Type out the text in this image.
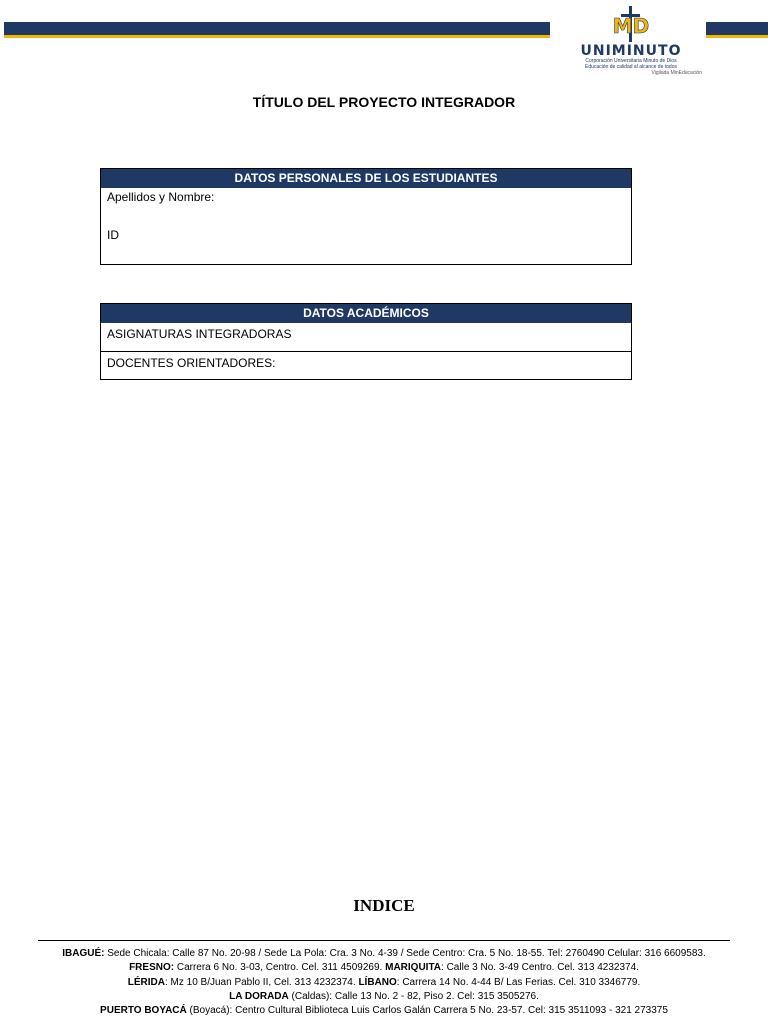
MD
UNIMINUTO
Corporación Universitaria Minuto de Dios
Educación de calidad al alcance de todos
Vigilada MinEducación
TÍTULO DEL PROYECTO INTEGRADOR
DATOS PERSONALES DE LOS ESTUDIANTES
Apellidos y Nombre:
ID
DATOS ACADÉMICOS
ASIGNATURAS INTEGRADORAS
DOCENTES ORIENTADORES:
INDICE
IBAGUÉ: Sede Chicala: Calle 87 No. 20-98 / Sede La Pola: Cra. 3 No. 4-39 / Sede Centro: Cra. 5 No. 18-55. Tel: 2760490 Celular: 316 6609583.
FRESNO: Carrera 6 No. 3-03, Centro. Cel. 311 4509269. MARIQUITA: Calle 3 No. 3-49 Centro. Cel. 313 4232374.
LÉRIDA: Mz 10 B/Juan Pablo II, Cel. 313 4232374. LÍBANO: Carrera 14 No. 4-44 B/ Las Ferias. Cel. 310 3346779.
LA DORADA (Caldas): Calle 13 No. 2 - 82, Piso 2. Cel: 315 3505276.
PUERTO BOYACÁ (Boyacá): Centro Cultural Biblioteca Luis Carlos Galán Carrera 5 No. 23-57. Cel: 315 3511093 - 321 273375
